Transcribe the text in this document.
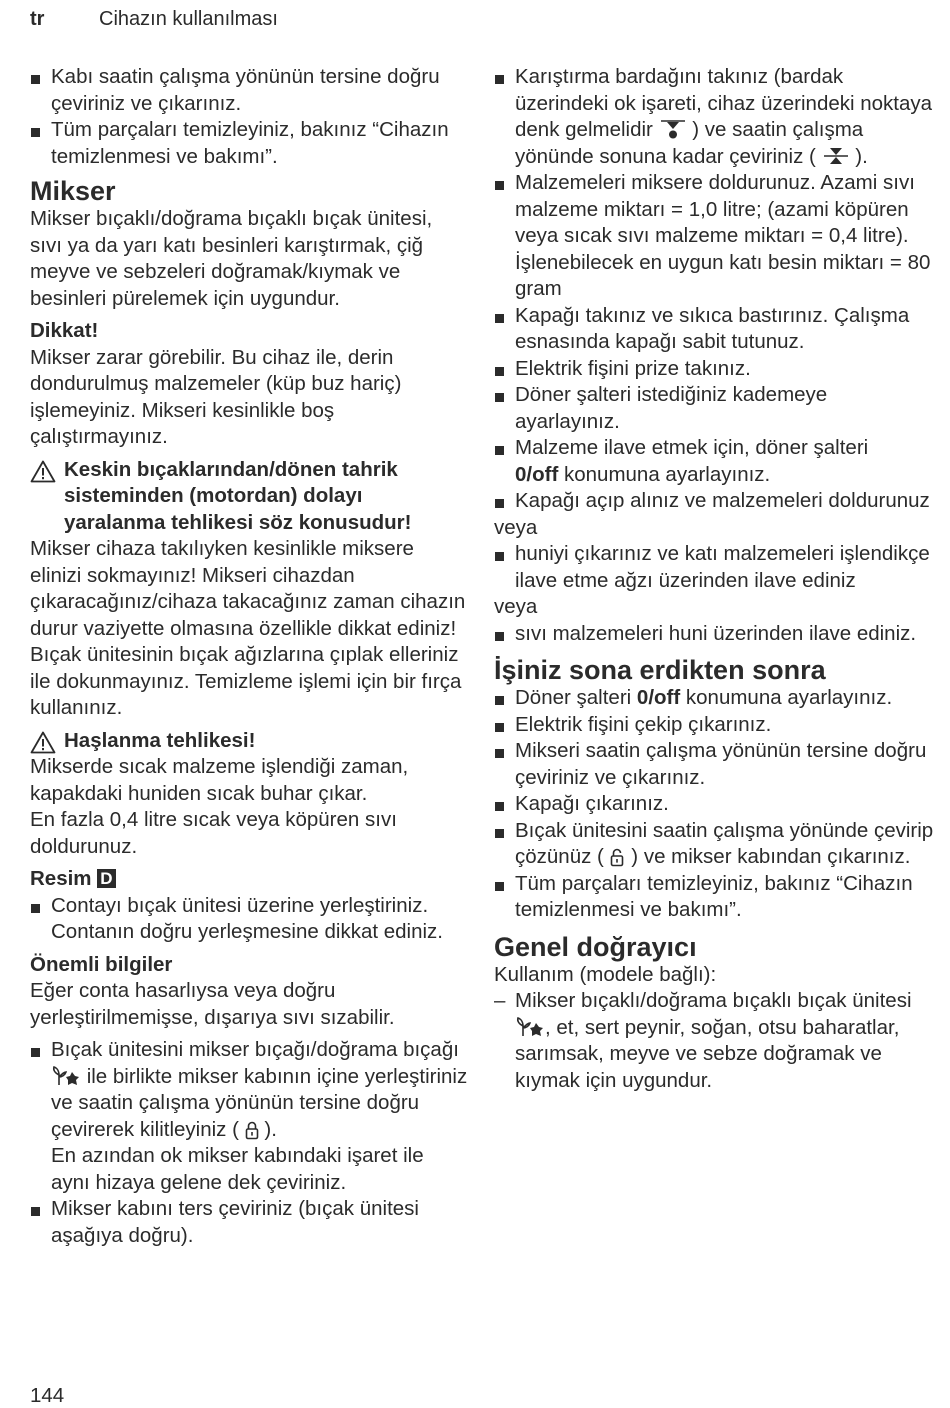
tr	Cihazın kullanılması

Kabı saatin çalışma yönünün tersine doğru çeviriniz ve çıkarınız.

Tüm parçaları temizleyiniz, bakınız “Cihazın temizlenmesi ve bakımı”.

Mikser

Mikser bıçaklı/doğrama bıçaklı bıçak ünitesi, sıvı ya da yarı katı besinleri karıştırmak, çiğ meyve ve sebzeleri doğramak/kıymak ve besinleri pürelemek için uygundur.

Dikkat!

Mikser zarar görebilir. Bu cihaz ile, derin dondurulmuş malzemeler (küp buz hariç) işlemeyiniz. Mikseri kesinlikle boş çalıştırmayınız.

Keskin bıçaklarından/dönen tahrik sisteminden (motordan) dolayı yaralanma tehlikesi söz konusudur!

Mikser cihaza takılıyken kesinlikle miksere elinizi sokmayınız! Mikseri cihazdan çıkaracağınız/cihaza takacağınız zaman cihazın durur vaziyette olmasına özellikle dikkat ediniz! Bıçak ünitesinin bıçak ağızlarına çıplak elleriniz ile dokunmayınız. Temizleme işlemi için bir fırça kullanınız.

Haşlanma tehlikesi!

Mikserde sıcak malzeme işlendiği zaman, kapakdaki huniden sıcak buhar çıkar.

En fazla 0,4 litre sıcak veya köpüren sıvı doldurunuz.

Resim D

Contayı bıçak ünitesi üzerine yerleştiriniz. Contanın doğru yerleşmesine dikkat ediniz.

Önemli bilgiler

Eğer conta hasarlıysa veya doğru yerleştirilmemişse, dışarıya sıvı sızabilir.

Bıçak ünitesini mikser bıçağı/doğrama bıçağı  ile birlikte mikser kabının içine yerleştiriniz ve saatin çalışma yönünün tersine doğru çevirerek kilitleyiniz ( ).
En azından ok mikser kabındaki işaret ile aynı hizaya gelene dek çeviriniz.

Mikser kabını ters çeviriniz (bıçak ünitesi aşağıya doğru).

Karıştırma bardağını takınız (bardak üzerindeki ok işareti, cihaz üzerindeki noktaya denk gelmelidir ) ve saatin çalışma yönünde sonuna kadar çeviriniz ( ).

Malzemeleri miksere doldurunuz. Azami sıvı malzeme miktarı = 1,0 litre; (azami köpüren veya sıcak sıvı malzeme miktarı = 0,4 litre). İşlenebilecek en uygun katı besin miktarı = 80 gram

Kapağı takınız ve sıkıca bastırınız. Çalışma esnasında kapağı sabit tutunuz.

Elektrik fişini prize takınız.

Döner şalteri istediğiniz kademeye ayarlayınız.

Malzeme ilave etmek için, döner şalteri
0/off konumuna ayarlayınız.

Kapağı açıp alınız ve malzemeleri doldurunuz

veya

huniyi çıkarınız ve katı malzemeleri işlendikçe ilave etme ağzı üzerinden ilave ediniz

veya

sıvı malzemeleri huni üzerinden ilave ediniz.

İşiniz sona erdikten sonra
Döner şalteri 0/off konumuna ayarlayınız.

Elektrik fişini çekip çıkarınız.

Mikseri saatin çalışma yönünün tersine doğru çeviriniz ve çıkarınız.

Kapağı çıkarınız.

Bıçak ünitesini saatin çalışma yönünde çevirip çözünüz ( ) ve mikser kabından çıkarınız.

Tüm parçaları temizleyiniz, bakınız “Cihazın temizlenmesi ve bakımı”.

Genel doğrayıcı

Kullanım (modele bağlı):

– Mikser bıçaklı/doğrama bıçaklı bıçak ünitesi , et, sert peynir, soğan, otsu baharatlar, sarımsak, meyve ve sebze doğramak ve kıymak için uygundur.
144
